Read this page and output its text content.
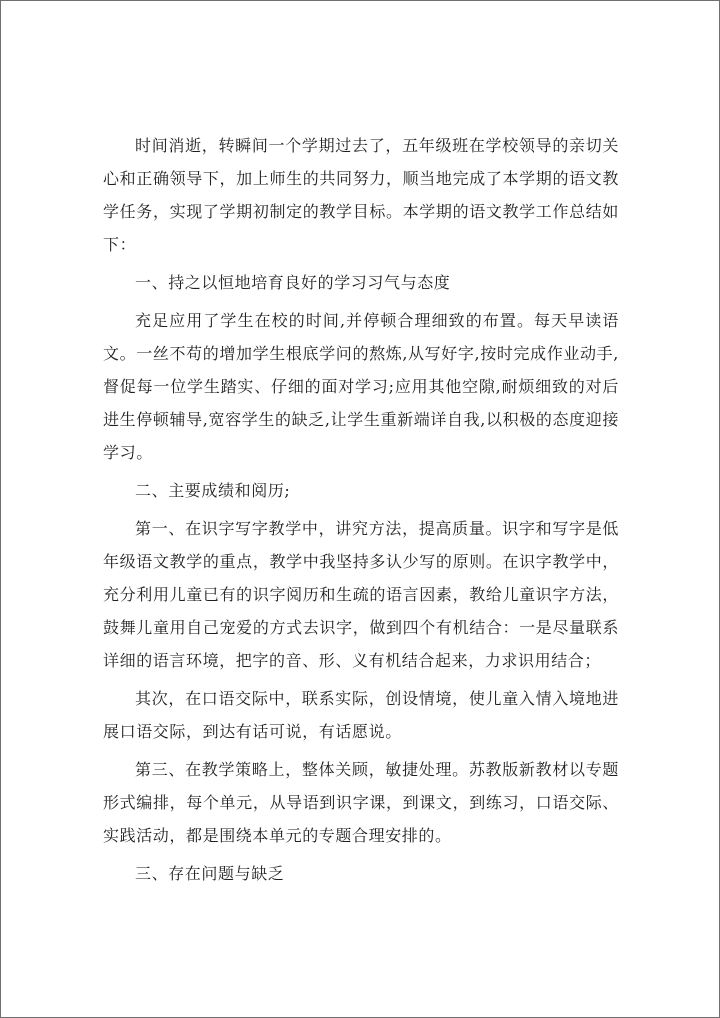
时间消逝，转瞬间一个学期过去了，五年级班在学校领导的亲切关心和正确领导下，加上师生的共同努力，顺当地完成了本学期的语文教学任务，实现了学期初制定的教学目标。本学期的语文教学工作总结如下：

一、持之以恒地培育良好的学习习气与态度

充足应用了学生在校的时间,并停顿合理细致的布置。每天早读语文。一丝不苟的增加学生根底学问的熬炼,从写好字,按时完成作业动手,督促每一位学生踏实、仔细的面对学习;应用其他空隙,耐烦细致的对后进生停顿辅导,宽容学生的缺乏,让学生重新端详自我,以积极的态度迎接学习。

二、主要成绩和阅历;

第一、在识字写字教学中，讲究方法，提高质量。识字和写字是低年级语文教学的重点，教学中我坚持多认少写的原则。在识字教学中，充分利用儿童已有的识字阅历和生疏的语言因素，教给儿童识字方法，鼓舞儿童用自己宠爱的方式去识字，做到四个有机结合：一是尽量联系详细的语言环境，把字的音、形、义有机结合起来，力求识用结合；

其次，在口语交际中，联系实际，创设情境，使儿童入情入境地进展口语交际，到达有话可说，有话愿说。

第三、在教学策略上，整体关顾，敏捷处理。苏教版新教材以专题形式编排，每个单元，从导语到识字课，到课文，到练习，口语交际、实践活动，都是围绕本单元的专题合理安排的。

三、存在问题与缺乏
